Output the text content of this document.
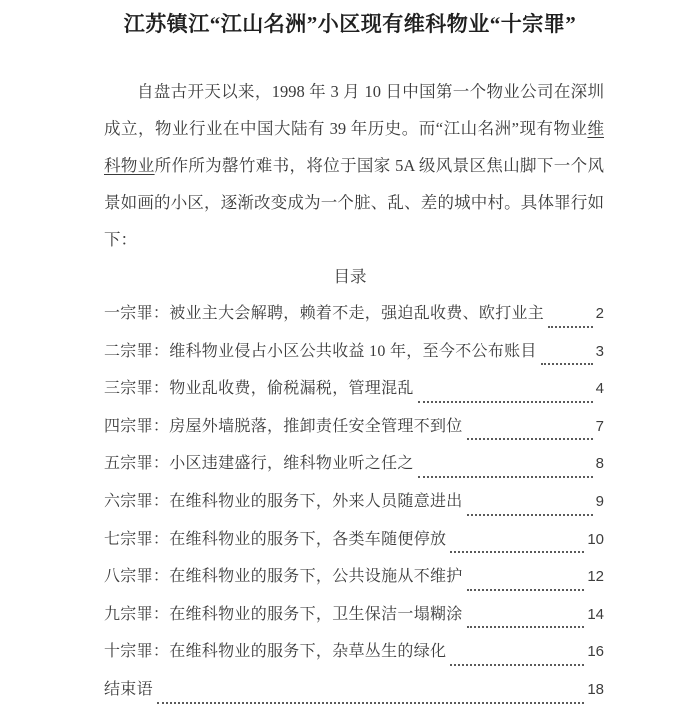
江苏镇江“江山名洲”小区现有维科物业“十宗罪”

自盘古开天以来，1998 年 3 月 10 日中国第一个物业公司在深圳成立，物业行业在中国大陆有 39 年历史。而“江山名洲”现有物业维科物业所作所为罄竹难书，将位于国家 5A 级风景区焦山脚下一个风景如画的小区，逐渐改变成为一个脏、乱、差的城中村。具体罪行如下：

目录
一宗罪：被业主大会解聘，赖着不走，强迫乱收费、欧打业主	2
二宗罪：维科物业侵占小区公共收益 10 年，至今不公布账目	3
三宗罪：物业乱收费，偷税漏税，管理混乱	4
四宗罪：房屋外墙脱落，推卸责任安全管理不到位	7
五宗罪：小区违建盛行，维科物业听之任之	8
六宗罪：在维科物业的服务下，外来人员随意进出	9
七宗罪：在维科物业的服务下，各类车随便停放	10
八宗罪：在维科物业的服务下，公共设施从不维护	12
九宗罪：在维科物业的服务下，卫生保洁一塌糊涂	14
十宗罪：在维科物业的服务下，杂草丛生的绿化	16
结束语	18
